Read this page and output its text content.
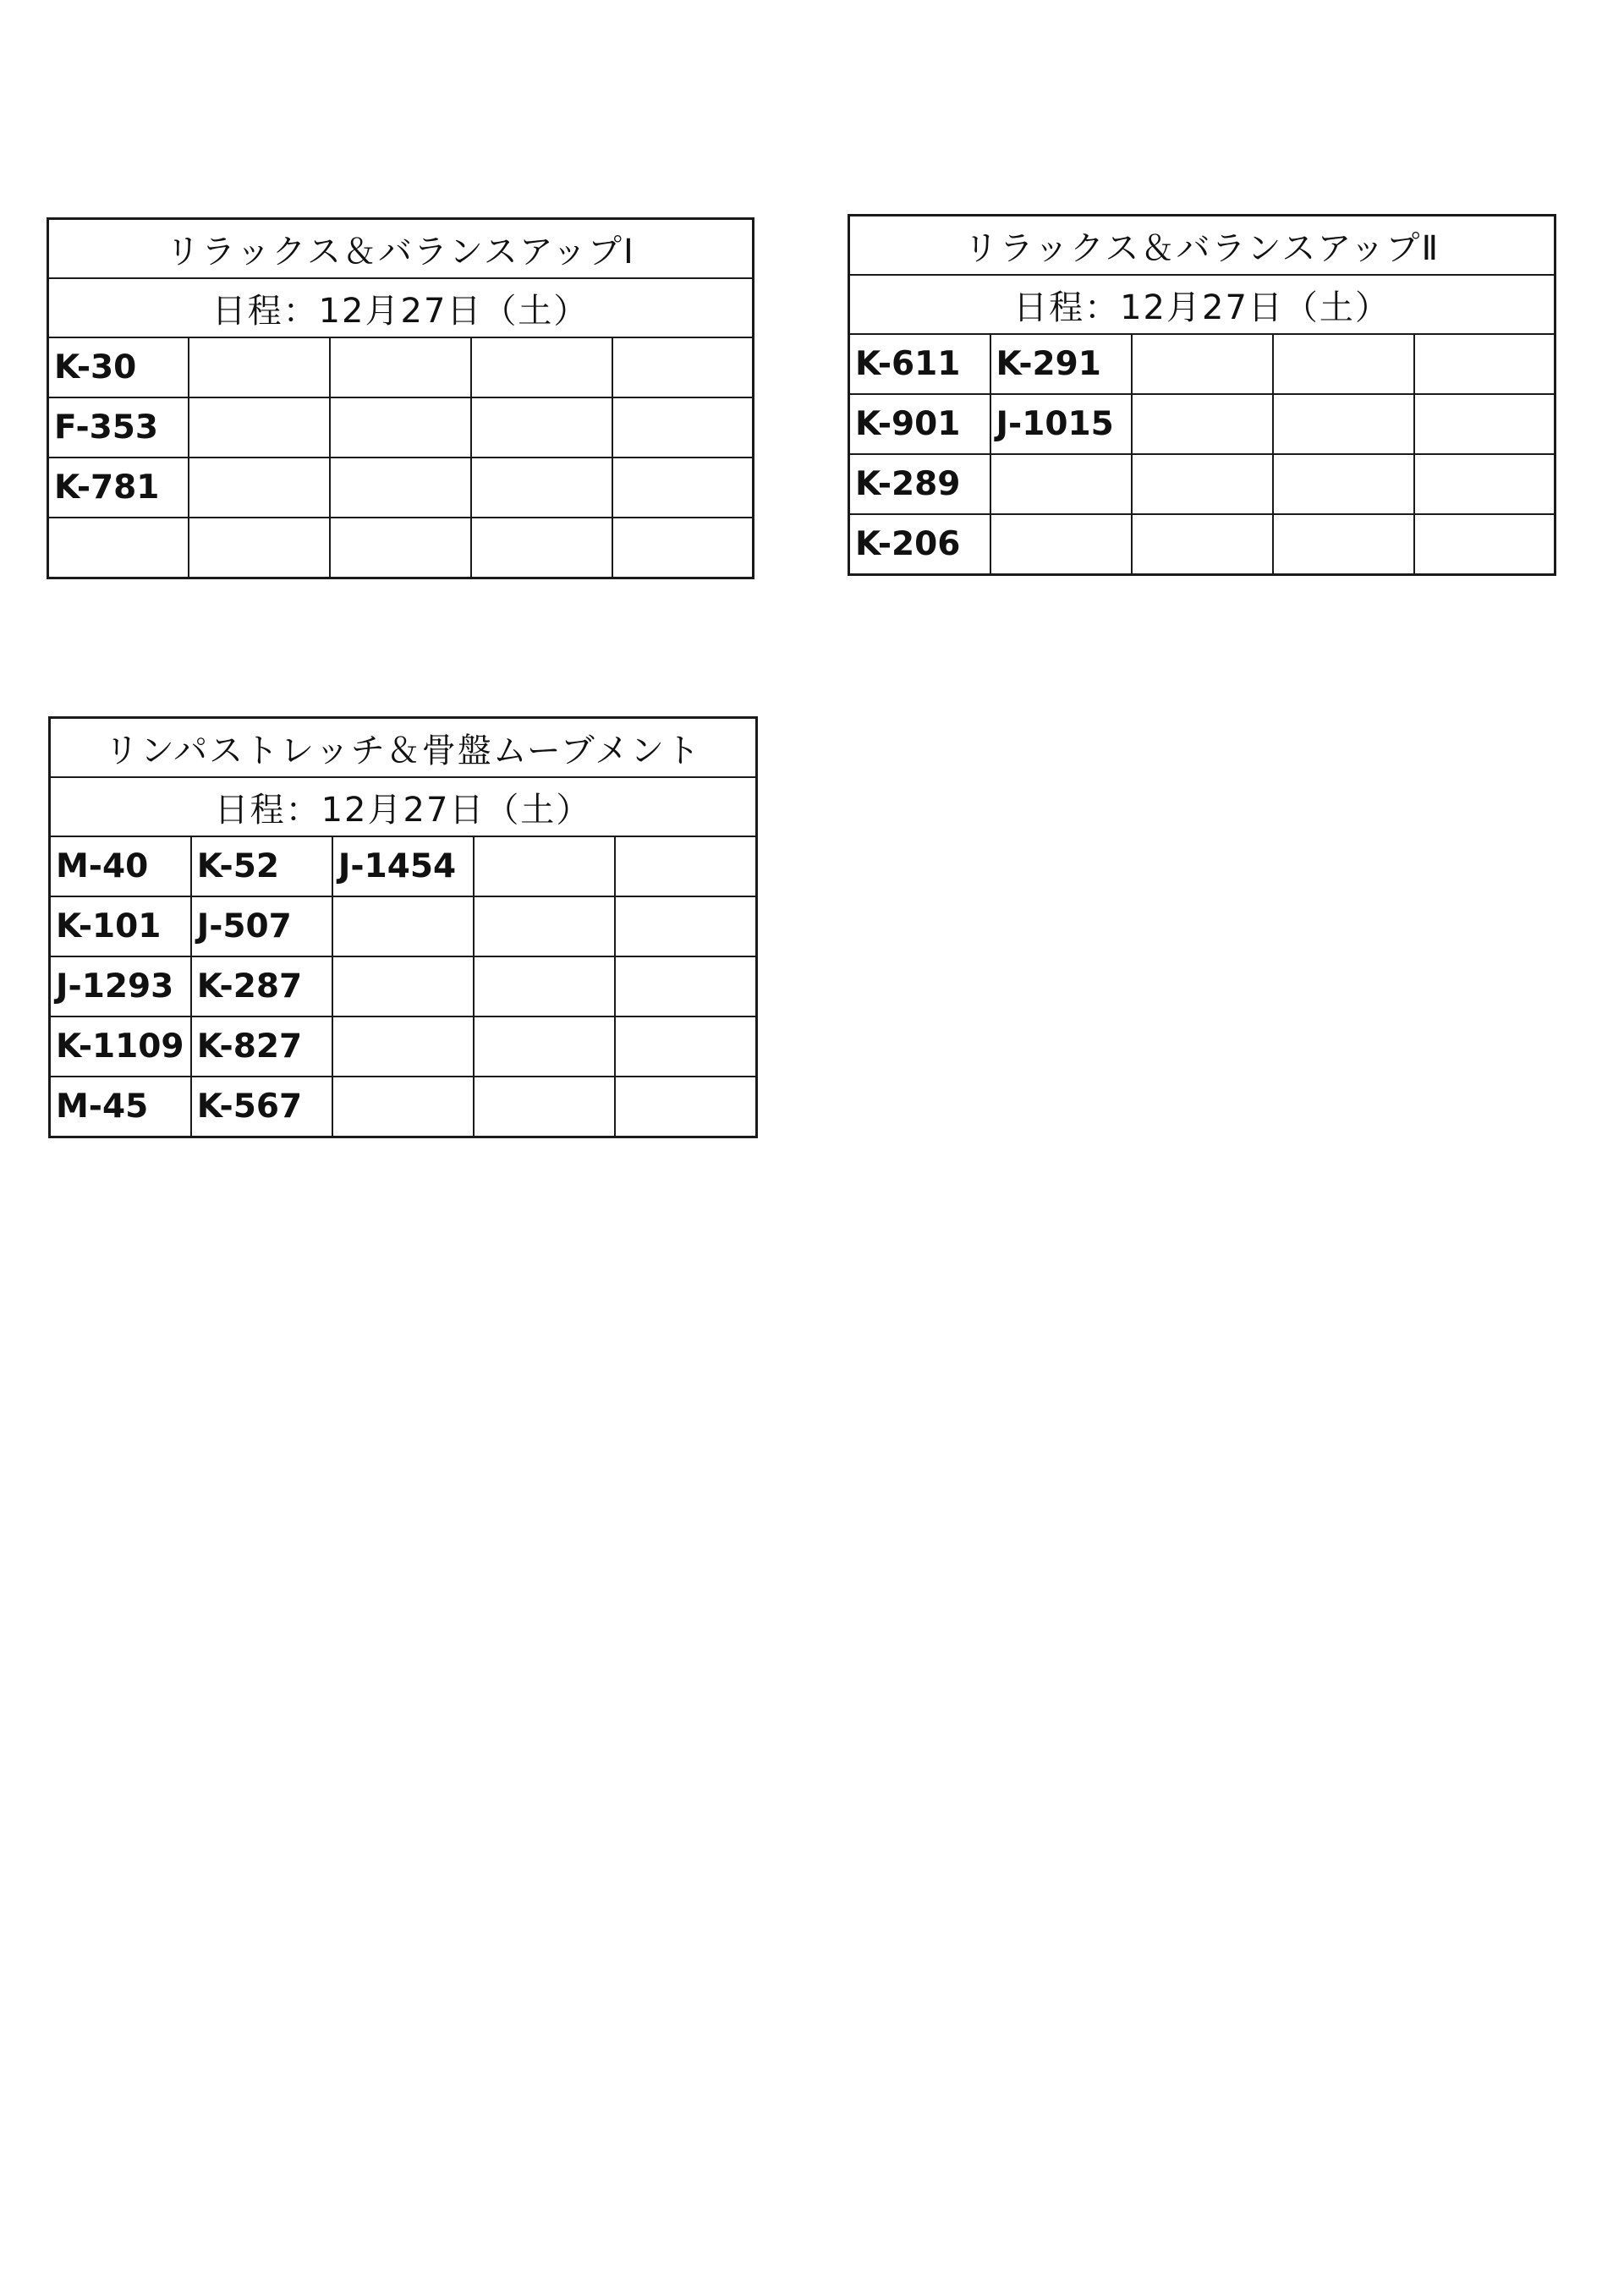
リラックス＆バランスアップⅠ				
日程：12月27日（土）				
K-30				
F-353				
K-781				

リラックス＆バランスアップⅡ				
日程：12月27日（土）				
K-611	K-291			
K-901	J-1015			
K-289				
K-206				
リンパストレッチ＆骨盤ムーブメント				
日程：12月27日（土）				
M-40	K-52	J-1454		
K-101	J-507			
J-1293	K-287			
K-1109	K-827			
M-45	K-567			
